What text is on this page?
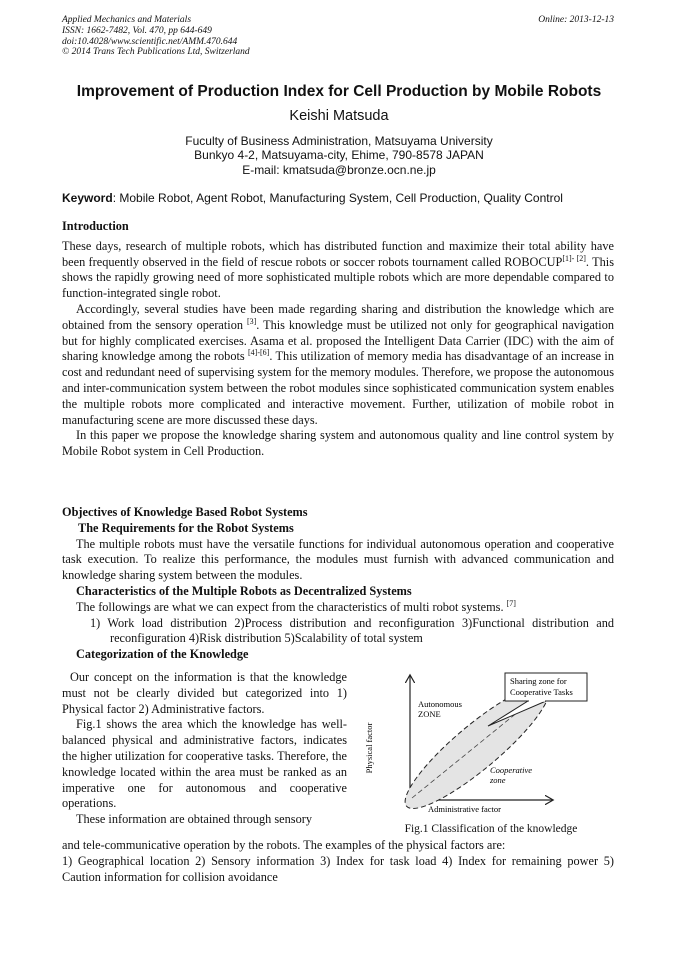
Applied Mechanics and Materials
ISSN: 1662-7482, Vol. 470, pp 644-649
doi:10.4028/www.scientific.net/AMM.470.644
© 2014 Trans Tech Publications Ltd, Switzerland
Online: 2013-12-13
Improvement of Production Index for Cell Production by Mobile Robots
Keishi Matsuda
Fuculty of Business Administration, Matsuyama University
Bunkyo 4-2, Matsuyama-city, Ehime, 790-8578 JAPAN
E-mail: kmatsuda@bronze.ocn.ne.jp
Keyword: Mobile Robot, Agent Robot, Manufacturing System, Cell Production, Quality Control

Introduction

These days, research of multiple robots, which has distributed function and maximize their total ability have been frequently observed in the field of rescue robots or soccer robots tournament called ROBOCUP[1]- [2]. This shows the rapidly growing need of more sophisticated multiple robots which are more dependable compared to function-integrated single robot.

Accordingly, several studies have been made regarding sharing and distribution the knowledge which are obtained from the sensory operation [3]. This knowledge must be utilized not only for geographical navigation but for highly complicated exercises. Asama et al. proposed the Intelligent Data Carrier (IDC) with the aim of sharing knowledge among the robots [4]-[6]. This utilization of memory media has disadvantage of an increase in cost and redundant need of supervising system for the memory modules. Therefore, we propose the autonomous and inter-communication system between the robot modules since sophisticated communication system enables the multiple robots more complicated and interactive movement. Further, utilization of mobile robot in manufacturing scene are more discussed these days.

In this paper we propose the knowledge sharing system and autonomous quality and line control system by Mobile Robot system in Cell Production.

Objectives of Knowledge Based Robot Systems

The Requirements for the Robot Systems

The multiple robots must have the versatile functions for individual autonomous operation and cooperative task execution. To realize this performance, the modules must furnish with advanced communication and knowledge sharing system between the modules.

Characteristics of the Multiple Robots as Decentralized Systems

The followings are what we can expect from the characteristics of multi robot systems. [7]

1) Work load distribution 2)Process distribution and reconfiguration 3)Functional distribution and reconfiguration 4)Risk distribution 5)Scalability of total system

Categorization of the Knowledge

Our concept on the information is that the knowledge must not be clearly divided but categorized into 1) Physical factor 2) Administrative factors.

Fig.1 shows the area which the knowledge has well-balanced physical and administrative factors, indicates the higher utilization for cooperative tasks. Therefore, the knowledge located within the area must be ranked as an imperative one for autonomous and cooperative operations.

These information are obtained through sensory

Physical factor
Autonomous
ZONE
Cooperative
zone
Sharing zone for
Cooperative Tasks
Administrative factor
Fig.1 Classification of the knowledge

and tele-communicative operation by the robots. The examples of the physical factors are:

1) Geographical location 2) Sensory information 3) Index for task load 4) Index for remaining power 5) Caution information for collision avoidance
